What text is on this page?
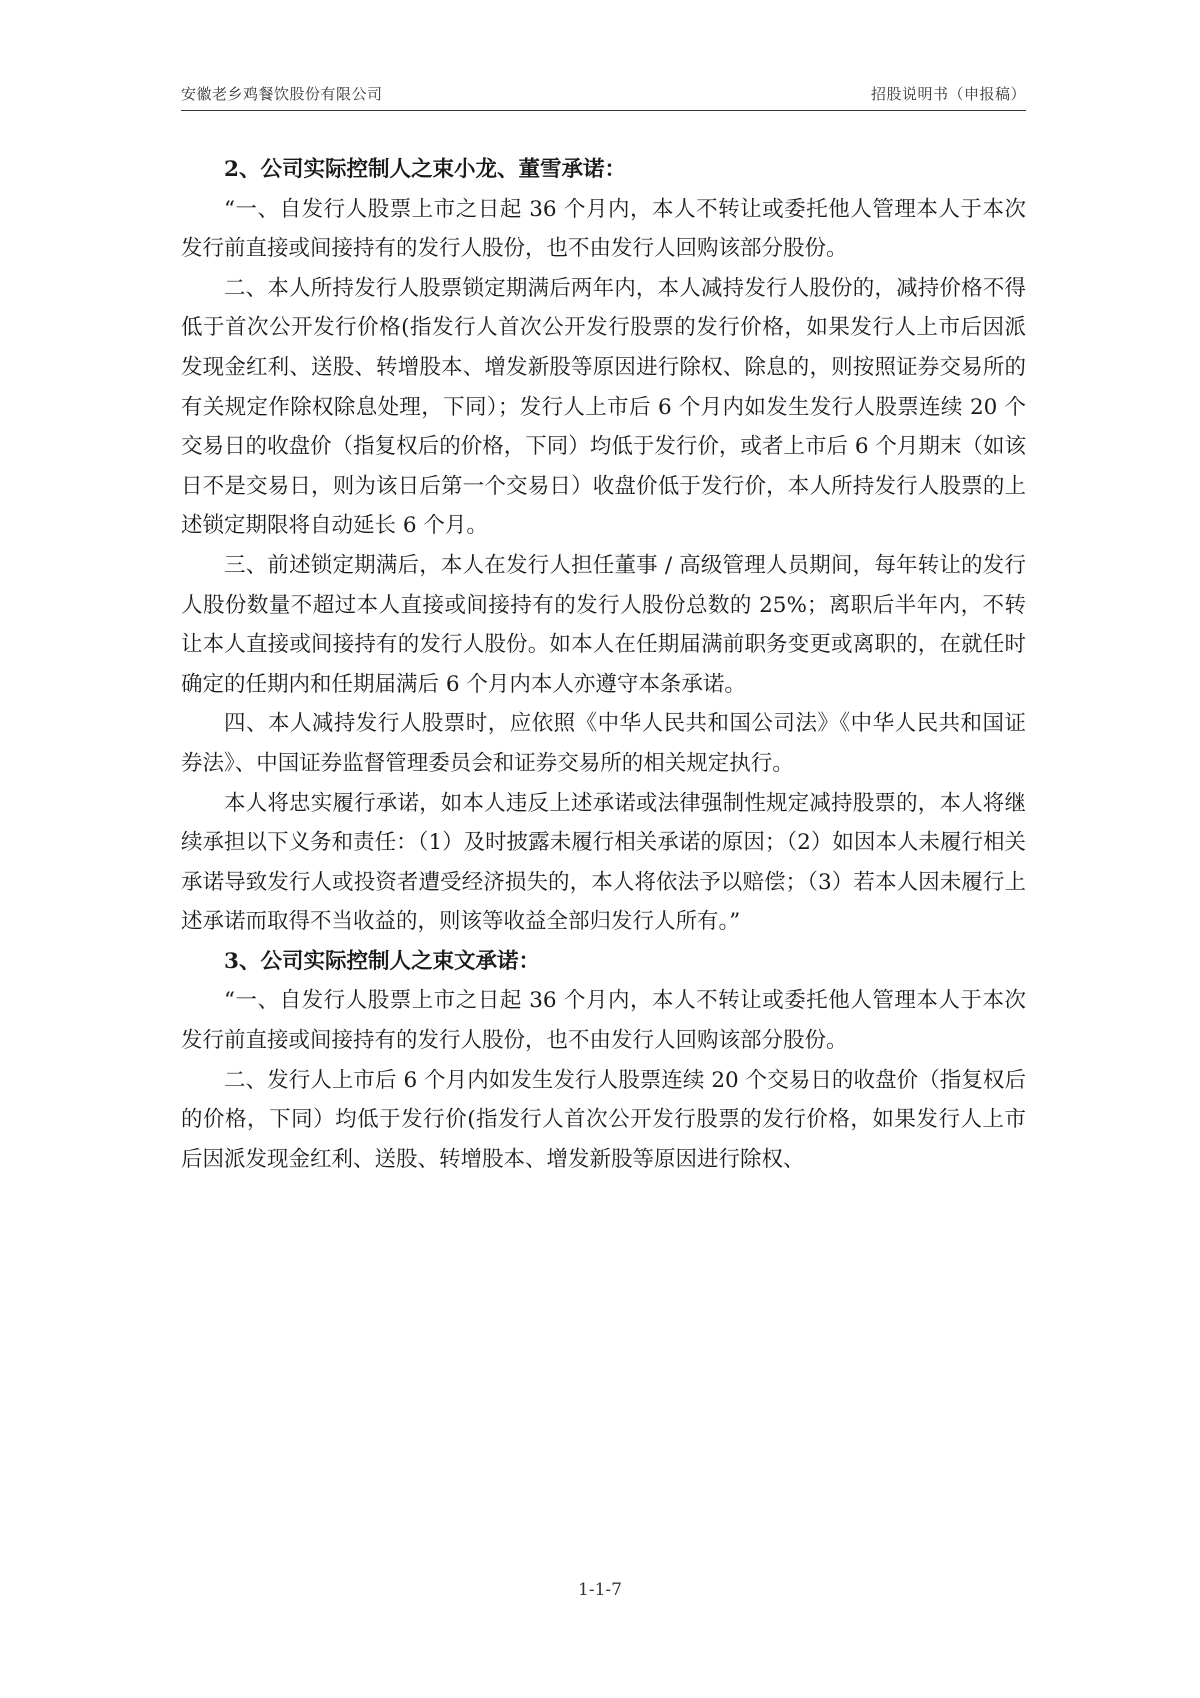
安徽老乡鸡餐饮股份有限公司	招股说明书（申报稿）

2、公司实际控制人之束小龙、董雪承诺：

“一、自发行人股票上市之日起 36 个月内，本人不转让或委托他人管理本人于本次发行前直接或间接持有的发行人股份，也不由发行人回购该部分股份。

二、本人所持发行人股票锁定期满后两年内，本人减持发行人股份的，减持价格不得低于首次公开发行价格(指发行人首次公开发行股票的发行价格，如果发行人上市后因派发现金红利、送股、转增股本、增发新股等原因进行除权、除息的，则按照证券交易所的有关规定作除权除息处理，下同）；发行人上市后 6 个月内如发生发行人股票连续 20 个交易日的收盘价（指复权后的价格，下同）均低于发行价，或者上市后 6 个月期末（如该日不是交易日，则为该日后第一个交易日）收盘价低于发行价，本人所持发行人股票的上述锁定期限将自动延长 6 个月。

三、前述锁定期满后，本人在发行人担任董事 / 高级管理人员期间，每年转让的发行人股份数量不超过本人直接或间接持有的发行人股份总数的 25%；离职后半年内，不转让本人直接或间接持有的发行人股份。如本人在任期届满前职务变更或离职的，在就任时确定的任期内和任期届满后 6 个月内本人亦遵守本条承诺。

四、本人减持发行人股票时，应依照《中华人民共和国公司法》《中华人民共和国证券法》、中国证券监督管理委员会和证券交易所的相关规定执行。

本人将忠实履行承诺，如本人违反上述承诺或法律强制性规定减持股票的，本人将继续承担以下义务和责任：（1）及时披露未履行相关承诺的原因；（2）如因本人未履行相关承诺导致发行人或投资者遭受经济损失的，本人将依法予以赔偿；（3）若本人因未履行上述承诺而取得不当收益的，则该等收益全部归发行人所有。”

3、公司实际控制人之束文承诺：

“一、自发行人股票上市之日起 36 个月内，本人不转让或委托他人管理本人于本次发行前直接或间接持有的发行人股份，也不由发行人回购该部分股份。

二、发行人上市后 6 个月内如发生发行人股票连续 20 个交易日的收盘价（指复权后的价格，下同）均低于发行价(指发行人首次公开发行股票的发行价格，如果发行人上市后因派发现金红利、送股、转增股本、增发新股等原因进行除权、

1-1-7
